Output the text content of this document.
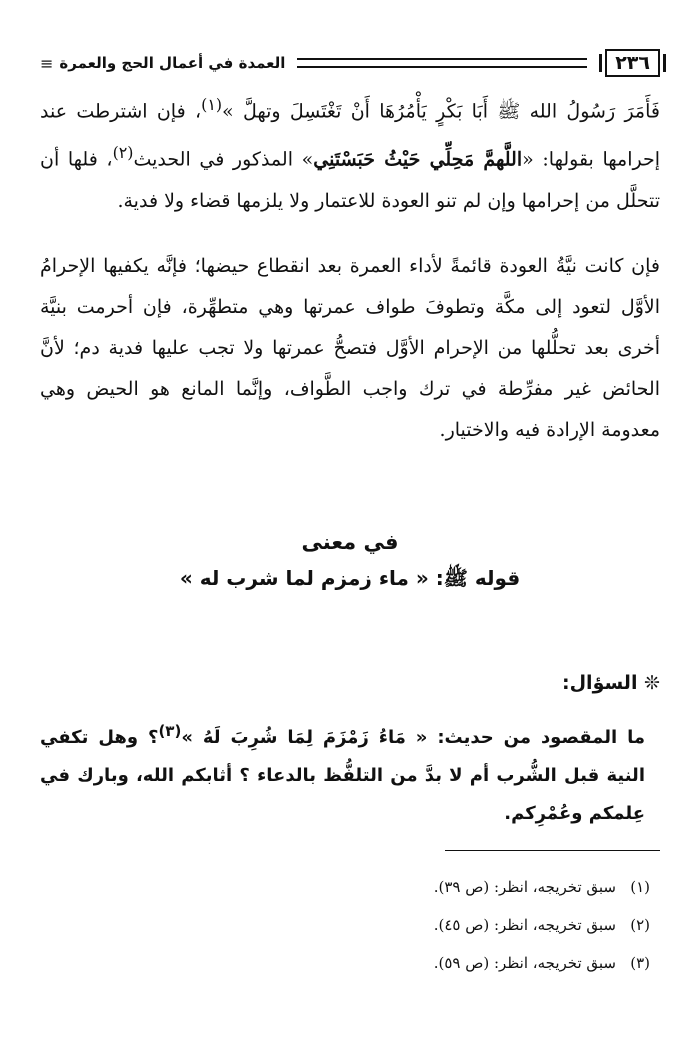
٢٣٦
العمدة في أعمال الحج والعمرة
≡
فَأَمَرَ رَسُولُ الله ﷺ أَبَا بَكْرٍ يَأْمُرُهَا أَنْ تَغْتَسِلَ وتهلَّ »$^{(١)}$، فإن اشترطت عند إحرامها بقولها: «اللَّهمَّ مَحِلِّي حَيْثُ حَبَسْتَنِي» المذكور في الحديث$^{(٢)}$، فلها أن تتحلَّل من إحرامها وإن لم تنو العودة للاعتمار ولا يلزمها قضاء ولا فدية.
فإن كانت نيَّةُ العودة قائمةً لأداء العمرة بعد انقطاع حيضها؛ فإنَّه يكفيها الإحرامُ الأوَّل لتعود إلى مكَّة وتطوفَ طواف عمرتها وهي متطهِّرة، فإن أحرمت بنيَّة أخرى بعد تحلُّلها من الإحرام الأوَّل فتصحُّ عمرتها ولا تجب عليها فدية دم؛ لأنَّ الحائض غير مفرِّطة في ترك واجب الطَّواف، وإنَّما المانع هو الحيض وهي معدومة الإرادة فيه والاختيار.
في معنى
قوله ﷺ: « ماء زمزم لما شرب له »
❊ السؤال:
ما المقصود من حديث: « مَاءُ زَمْزَمَ لِمَا شُرِبَ لَهُ »$^{(٣)}$؟ وهل تكفي النية قبل الشُّرب أم لا بدَّ من التلفُّظ بالدعاء ؟ أثابكم الله، وبارك في عِلمكم وعُمْرِكم.
(١)
سبق تخريجه، انظر: (ص ٣٩).
(٢)
سبق تخريجه، انظر: (ص ٤٥).
(٣)
سبق تخريجه، انظر: (ص ٥٩).
